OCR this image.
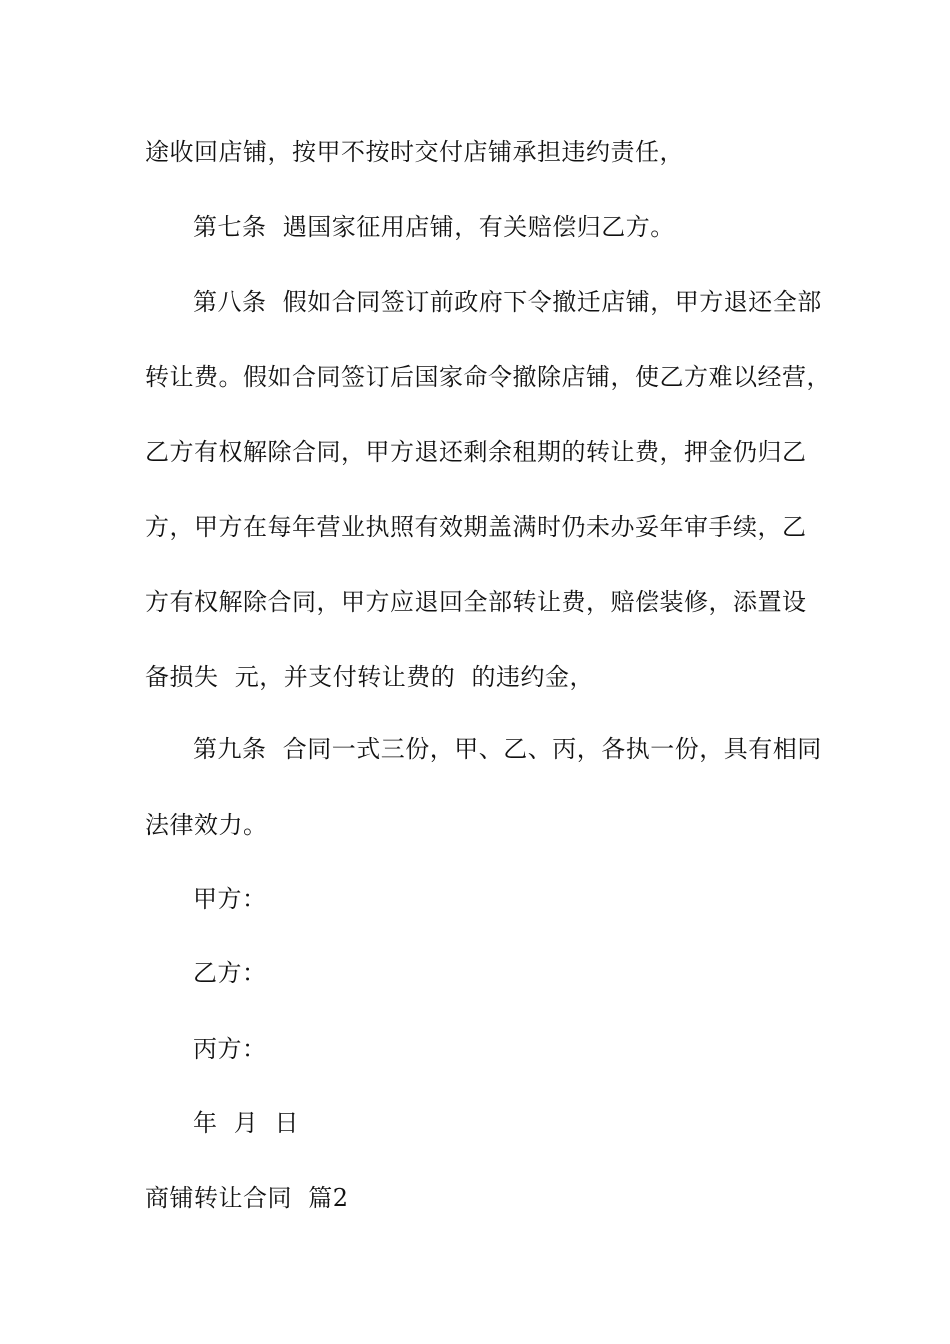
途收回店铺，按甲不按时交付店铺承担违约责任，
第七条  遇国家征用店铺，有关赔偿归乙方。
第八条  假如合同签订前政府下令撤迁店铺，甲方退还全部
转让费。假如合同签订后国家命令撤除店铺，使乙方难以经营，
乙方有权解除合同，甲方退还剩余租期的转让费，押金仍归乙
方，甲方在每年营业执照有效期盖满时仍未办妥年审手续，乙
方有权解除合同，甲方应退回全部转让费，赔偿装修，添置设
备损失  元，并支付转让费的  的违约金，
第九条  合同一式三份，甲、乙、丙，各执一份，具有相同
法律效力。
甲方：
乙方：
丙方：
年  月  日
商铺转让合同  篇2
